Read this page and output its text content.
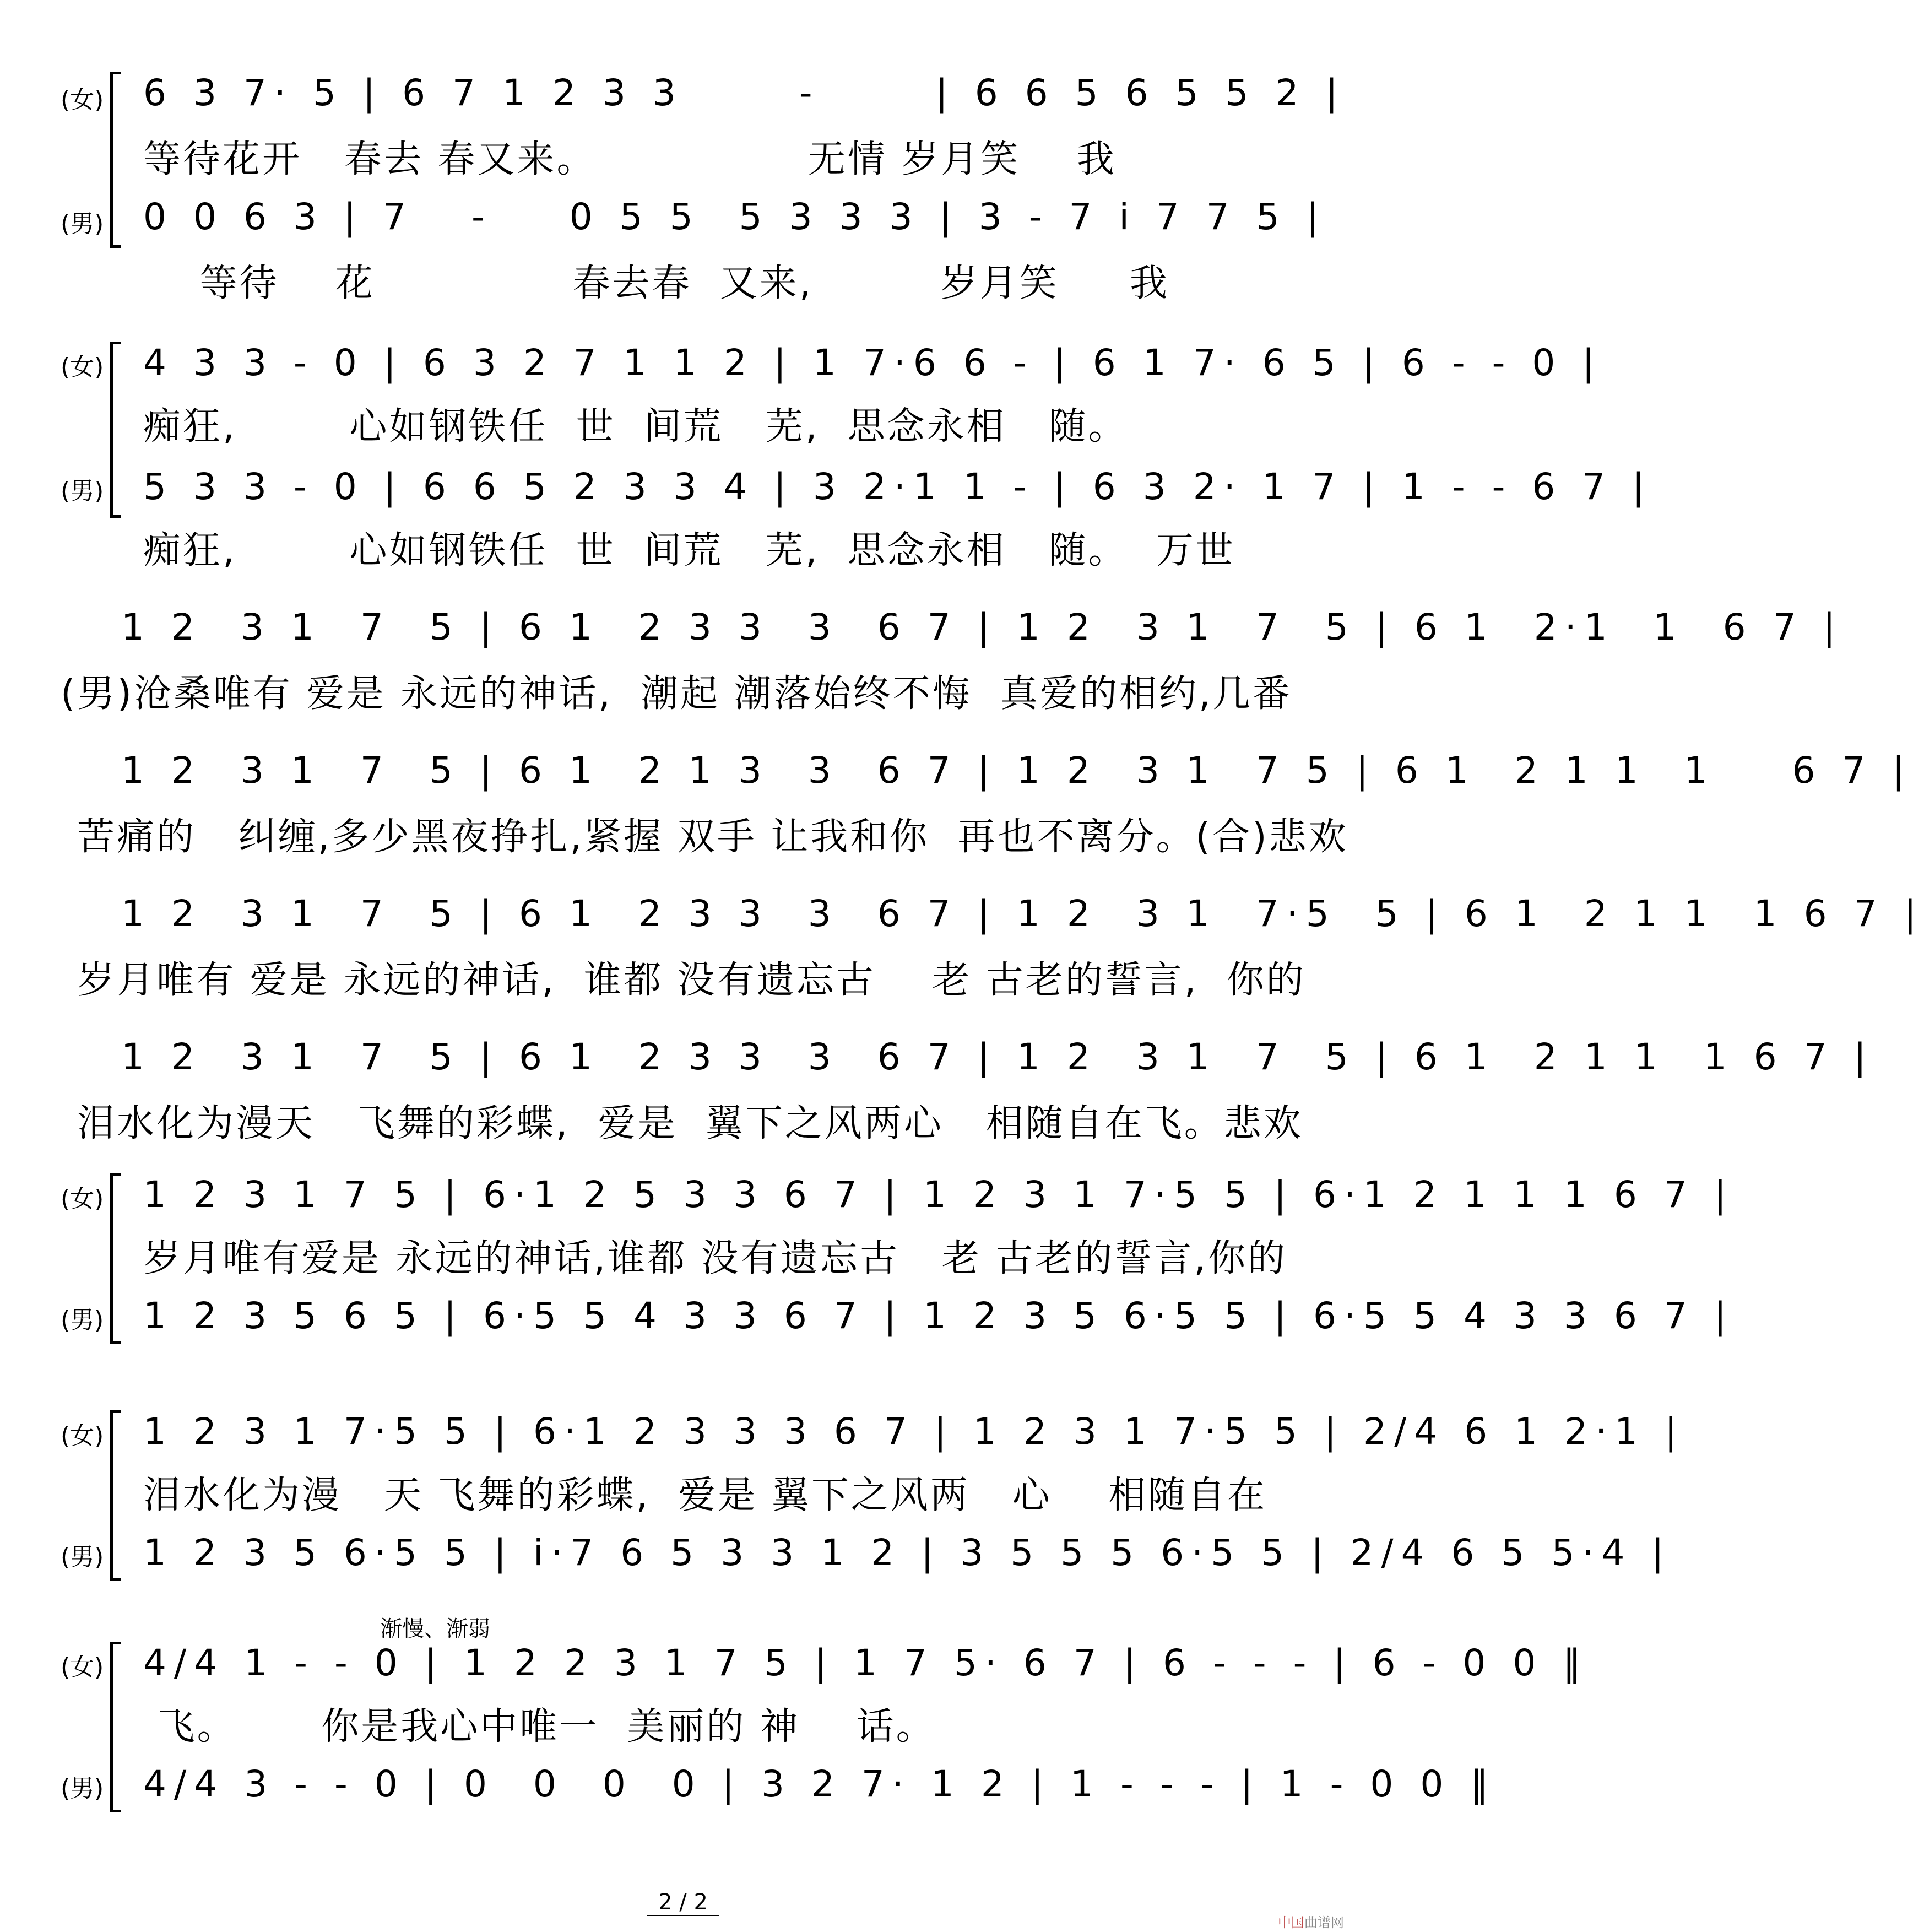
(女) 6 3 7· 5 | 6 7 1 2 3 3      -      | 6 6 5 6 5 5 2 |
等待花开   春去 春又来。               无情 岁月笑    我
(男) 0 0 6 3 | 7   -    0 5 5  5 3 3 3 | 3 - 7 i 7 7 5 |
等待    花              春去春  又来,         岁月笑     我
(女) 4 3 3 - 0 | 6 3 2 7 1 1 2 | 1 7·6 6 - | 6 1 7· 6 5 | 6 - - 0 |
痴狂,        心如钢铁任  世  间荒   芜,  思念永相   随。
(男) 5 3 3 - 0 | 6 6 5 2 3 3 4 | 3 2·1 1 - | 6 3 2· 1 7 | 1 - - 6 7 |
痴狂,        心如钢铁任  世  间荒   芜,  思念永相   随。  万世
1 2  3 1  7  5 | 6 1  2 3 3  3  6 7 | 1 2  3 1  7  5 | 6 1  2·1  1  6 7 |
(男)沧桑唯有 爱是 永远的神话,  潮起 潮落始终不悔  真爱的相约,几番
1 2  3 1  7  5 | 6 1  2 1 3  3  6 7 | 1 2  3 1  7 5 | 6 1  2 1 1  1    6 7 |
苦痛的   纠缠,多少黑夜挣扎,紧握 双手 让我和你  再也不离分。(合)悲欢
1 2  3 1  7  5 | 6 1  2 3 3  3  6 7 | 1 2  3 1  7·5  5 | 6 1  2 1 1  1 6 7 |
岁月唯有 爱是 永远的神话,  谁都 没有遗忘古    老 古老的誓言,  你的
1 2  3 1  7  5 | 6 1  2 3 3  3  6 7 | 1 2  3 1  7  5 | 6 1  2 1 1  1 6 7 |
泪水化为漫天   飞舞的彩蝶,  爱是  翼下之风两心   相随自在飞。悲欢
(女) 1 2 3 1 7 5 | 6·1 2 5 3 3 6 7 | 1 2 3 1 7·5 5 | 6·1 2 1 1 1 6 7 |
岁月唯有爱是 永远的神话,谁都 没有遗忘古   老 古老的誓言,你的
(男) 1 2 3 5 6 5 | 6·5 5 4 3 3 6 7 | 1 2 3 5 6·5 5 | 6·5 5 4 3 3 6 7 |
(女) 1 2 3 1 7·5 5 | 6·1 2 3 3 3 6 7 | 1 2 3 1 7·5 5 | 2/4 6 1 2·1 |
泪水化为漫   天 飞舞的彩蝶,  爱是 翼下之风两   心    相随自在
(男) 1 2 3 5 6·5 5 | i·7 6 5 3 3 1 2 | 3 5 5 5 6·5 5 | 2/4 6 5 5·4 |
渐慢、渐弱
(女) 4/4 1 - - 0 | 1 2 2 3 1 7 5 | 1 7 5· 6 7 | 6 - - - | 6 - 0 0 ‖
飞。      你是我心中唯一  美丽的 神    话。
(男) 4/4 3 - - 0 | 0  0  0  0 | 3 2 7· 1 2 | 1 - - - | 1 - 0 0 ‖
2 / 2
中国曲谱网
